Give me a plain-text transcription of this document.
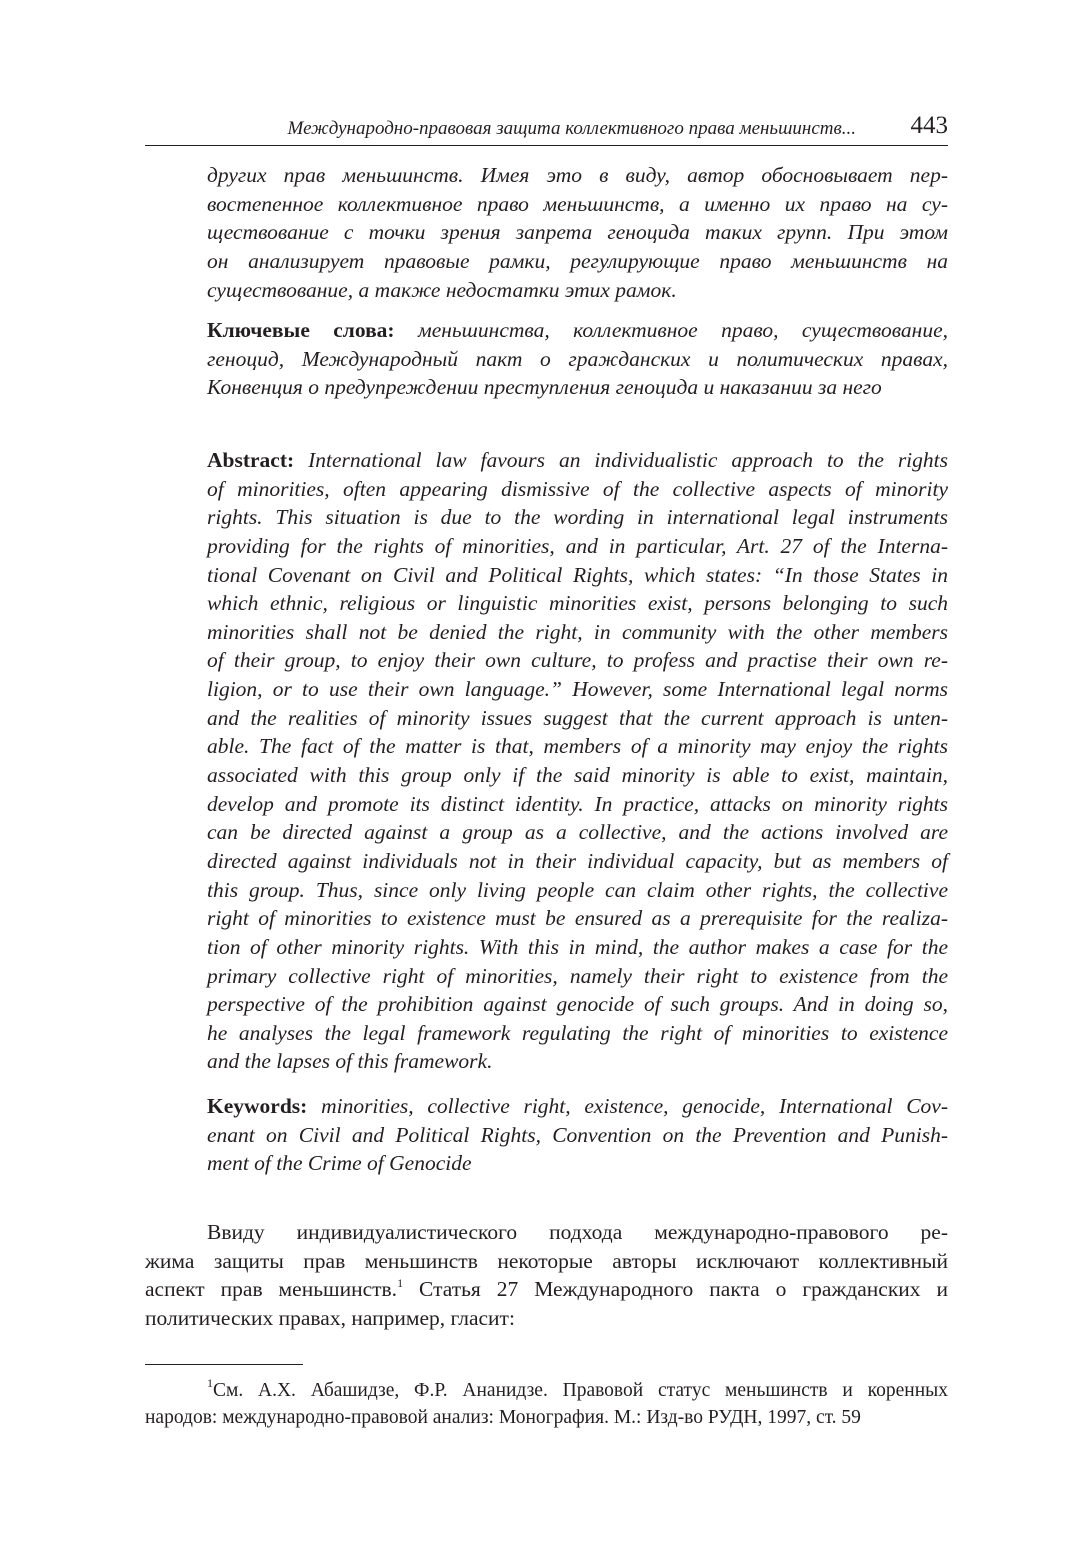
Международно-правовая защита коллективного права меньшинств... 443
других прав меньшинств. Имея это в виду, автор обосновывает пер-
востепенное коллективное право меньшинств, а именно их право на су-
ществование с точки зрения запрета геноцида таких групп. При этом
он анализирует правовые рамки, регулирующие право меньшинств на
существование, а также недостатки этих рамок.
Ключевые слова: меньшинства, коллективное право, существование,
геноцид, Международный пакт о гражданских и политических правах,
Конвенция о предупреждении преступления геноцида и наказании за него
Abstract: International law favours an individualistic approach to the rights
of minorities, often appearing dismissive of the collective aspects of minority
rights. This situation is due to the wording in international legal instruments
providing for the rights of minorities, and in particular, Art. 27 of the Interna-
tional Covenant on Civil and Political Rights, which states: “In those States in
which ethnic, religious or linguistic minorities exist, persons belonging to such
minorities shall not be denied the right, in community with the other members
of their group, to enjoy their own culture, to profess and practise their own re-
ligion, or to use their own language.” However, some International legal norms
and the realities of minority issues suggest that the current approach is unten-
able. The fact of the matter is that, members of a minority may enjoy the rights
associated with this group only if the said minority is able to exist, maintain,
develop and promote its distinct identity. In practice, attacks on minority rights
can be directed against a group as a collective, and the actions involved are
directed against individuals not in their individual capacity, but as members of
this group. Thus, since only living people can claim other rights, the collective
right of minorities to existence must be ensured as a prerequisite for the realiza-
tion of other minority rights. With this in mind, the author makes a case for the
primary collective right of minorities, namely their right to existence from the
perspective of the prohibition against genocide of such groups. And in doing so,
he analyses the legal framework regulating the right of minorities to existence
and the lapses of this framework.
Keywords: minorities, collective right, existence, genocide, International Cov-
enant on Civil and Political Rights, Convention on the Prevention and Punish-
ment of the Crime of Genocide
Ввиду индивидуалистического подхода международно-правового ре-
жима защиты прав меньшинств некоторые авторы исключают коллективный
аспект прав меньшинств.$^1$ Статья 27 Международного пакта о гражданских и
политических правах, например, гласит:
$^1$См. А.Х. Абашидзе, Ф.Р. Ананидзе. Правовой статус меньшинств и коренных
народов: международно-правовой анализ: Монография. М.: Изд-во РУДН, 1997, ст. 59
